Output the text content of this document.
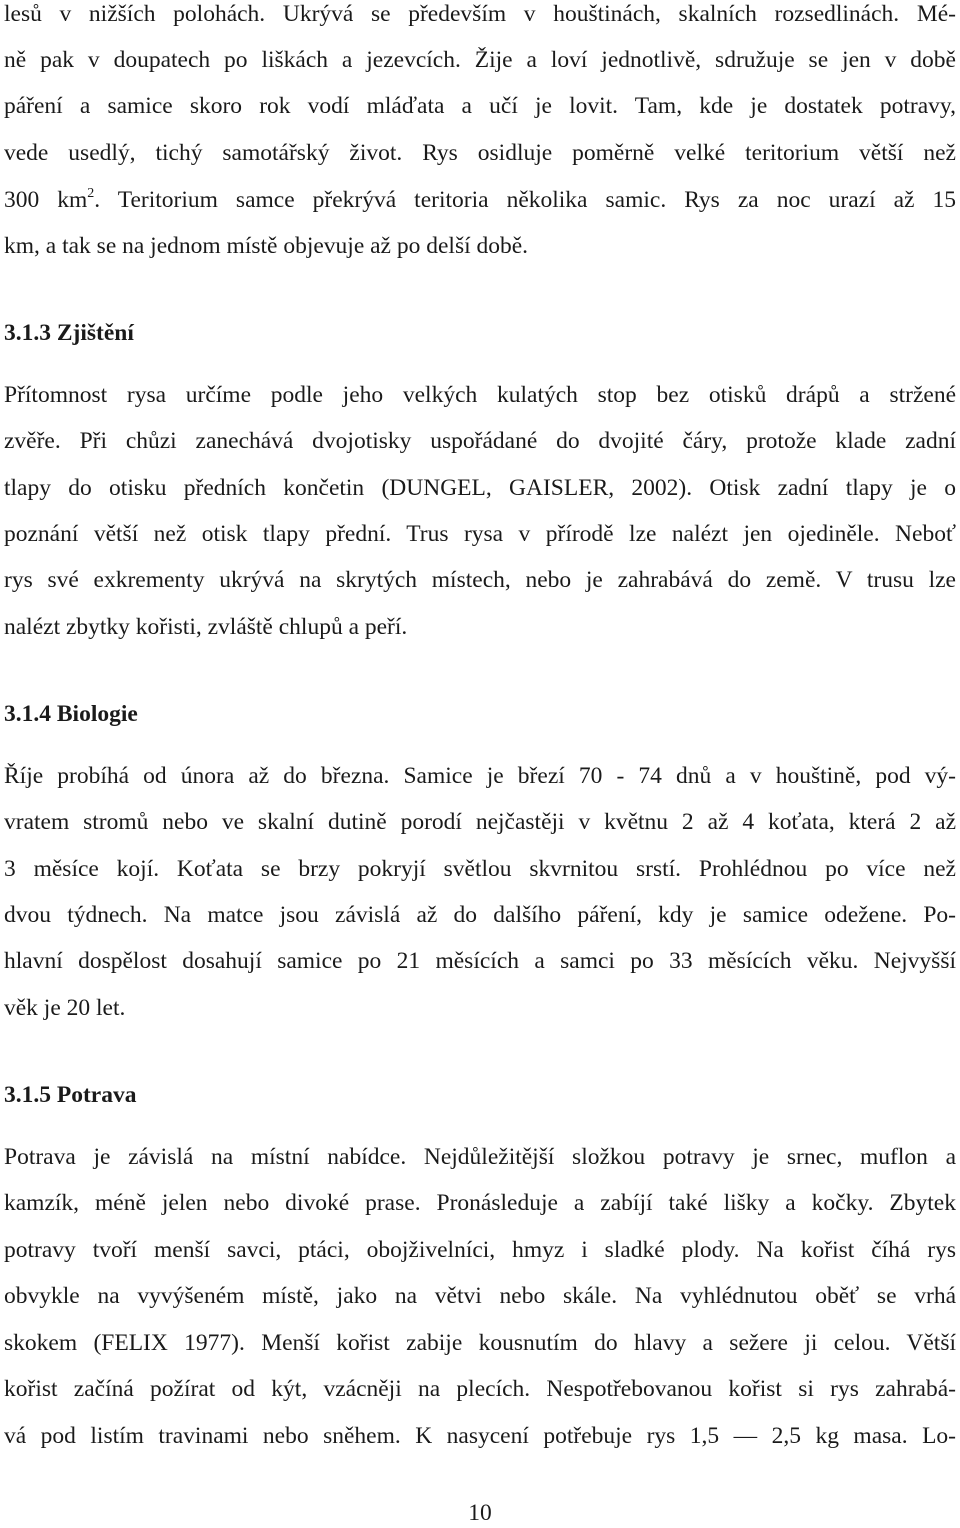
lesů v nižších polohách. Ukrývá se především v houštinách, skalních rozsedlinách. Mé-
ně pak v doupatech po liškách a jezevcích. Žije a loví jednotlivě, sdružuje se jen v době
páření a samice skoro rok vodí mláďata a učí je lovit. Tam, kde je dostatek potravy,
vede usedlý, tichý samotářský život. Rys osidluje poměrně velké teritorium větší než
300 $km^2$. Teritorium samce překrývá teritoria několika samic. Rys za noc urazí až 15
km, a tak se na jednom místě objevuje až po delší době.
3.1.3 Zjištění
Přítomnost rysa určíme podle jeho velkých kulatých stop bez otisků drápů a stržené
zvěře. Při chůzi zanechává dvojotisky uspořádané do dvojité čáry, protože klade zadní
tlapy do otisku předních končetin (DUNGEL, GAISLER, 2002). Otisk zadní tlapy je o
poznání větší než otisk tlapy přední. Trus rysa v přírodě lze nalézt jen ojediněle. Neboť
rys své exkrementy ukrývá na skrytých místech, nebo je zahrabává do země. V trusu lze
nalézt zbytky kořisti, zvláště chlupů a peří.
3.1.4 Biologie
Říje probíhá od února až do března. Samice je březí 70 - 74 dnů a v houštině, pod vý-
vratem stromů nebo ve skalní dutině porodí nejčastěji v květnu 2 až 4 koťata, která 2 až
3 měsíce kojí. Koťata se brzy pokryjí světlou skvrnitou srstí. Prohlédnou po více než
dvou týdnech. Na matce jsou závislá až do dalšího páření, kdy je samice odežene. Po-
hlavní dospělost dosahují samice po 21 měsících a samci po 33 měsících věku. Nejvyšší
věk je 20 let.
3.1.5 Potrava
Potrava je závislá na místní nabídce. Nejdůležitější složkou potravy je srnec, muflon a
kamzík, méně jelen nebo divoké prase. Pronásleduje a zabíjí také lišky a kočky. Zbytek
potravy tvoří menší savci, ptáci, obojživelníci, hmyz i sladké plody. Na kořist číhá rys
obvykle na vyvýšeném místě, jako na větvi nebo skále. Na vyhlédnutou oběť se vrhá
skokem (FELIX 1977). Menší kořist zabije kousnutím do hlavy a sežere ji celou. Větší
kořist začíná požírat od kýt, vzácněji na plecích. Nespotřebovanou kořist si rys zahrabá-
vá pod listím travinami nebo sněhem. K nasycení potřebuje rys 1,5 — 2,5 kg masa. Lo-
10
